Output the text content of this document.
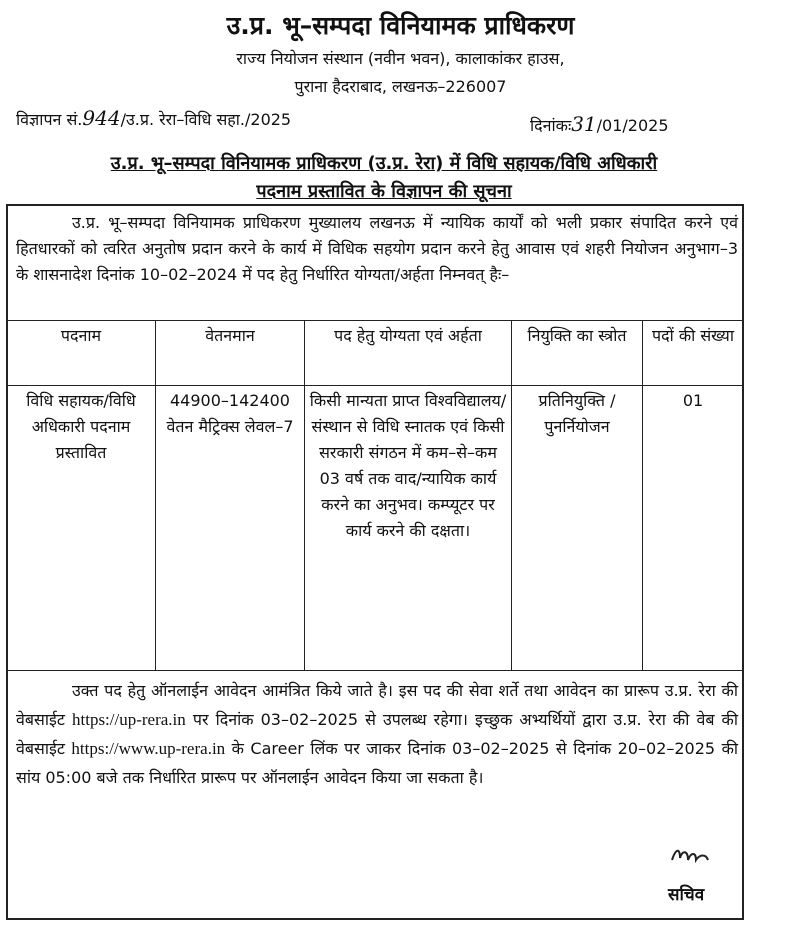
उ.प्र. भू–सम्पदा विनियामक प्राधिकरण
राज्य नियोजन संस्थान (नवीन भवन), कालाकांकर हाउस,
पुराना हैदराबाद, लखनऊ–226007
विज्ञापन सं.944/उ.प्र. रेरा–विधि सहा./2025	दिनांकः31/01/2025
उ.प्र. भू–सम्पदा विनियामक प्राधिकरण (उ.प्र. रेरा) में विधि सहायक/विधि अधिकारी
पदनाम प्रस्तावित के विज्ञापन की सूचना
उ.प्र. भू–सम्पदा विनियामक प्राधिकरण मुख्यालय लखनऊ में न्यायिक कार्यों को भली प्रकार संपादित करने एवं हितधारकों को त्वरित अनुतोष प्रदान करने के कार्य में विधिक सहयोग प्रदान करने हेतु आवास एवं शहरी नियोजन अनुभाग–3 के शासनादेश दिनांक 10–02–2024 में पद हेतु निर्धारित योग्यता/अर्हता निम्नवत् हैः–
पदनाम	वेतनमान	पद हेतु योग्यता एवं अर्हता	नियुक्ति का स्त्रोत	पदों की संख्या
विधि सहायक/विधि अधिकारी पदनाम प्रस्तावित	44900–142400 वेतन मैट्रिक्स लेवल–7	किसी मान्यता प्राप्त विश्वविद्यालय/संस्थान से विधि स्नातक एवं किसी सरकारी संगठन में कम–से–कम 03 वर्ष तक वाद/न्यायिक कार्य करने का अनुभव। कम्प्यूटर पर कार्य करने की दक्षता।	प्रतिनियुक्ति /पुनर्नियोजन	01
उक्त पद हेतु ऑनलाईन आवेदन आमंत्रित किये जाते है। इस पद की सेवा शर्ते तथा आवेदन का प्रारूप उ.प्र. रेरा की वेबसाईट https://up-rera.in पर दिनांक 03–02–2025 से उपलब्ध रहेगा। इच्छुक अभ्यर्थियों द्वारा उ.प्र. रेरा की वेब की वेबसाईट https://www.up-rera.in के Career लिंक पर जाकर दिनांक 03–02–2025 से दिनांक 20–02–2025 की सांय 05:00 बजे तक निर्धारित प्रारूप पर ऑनलाईन आवेदन किया जा सकता है।
सचिव
